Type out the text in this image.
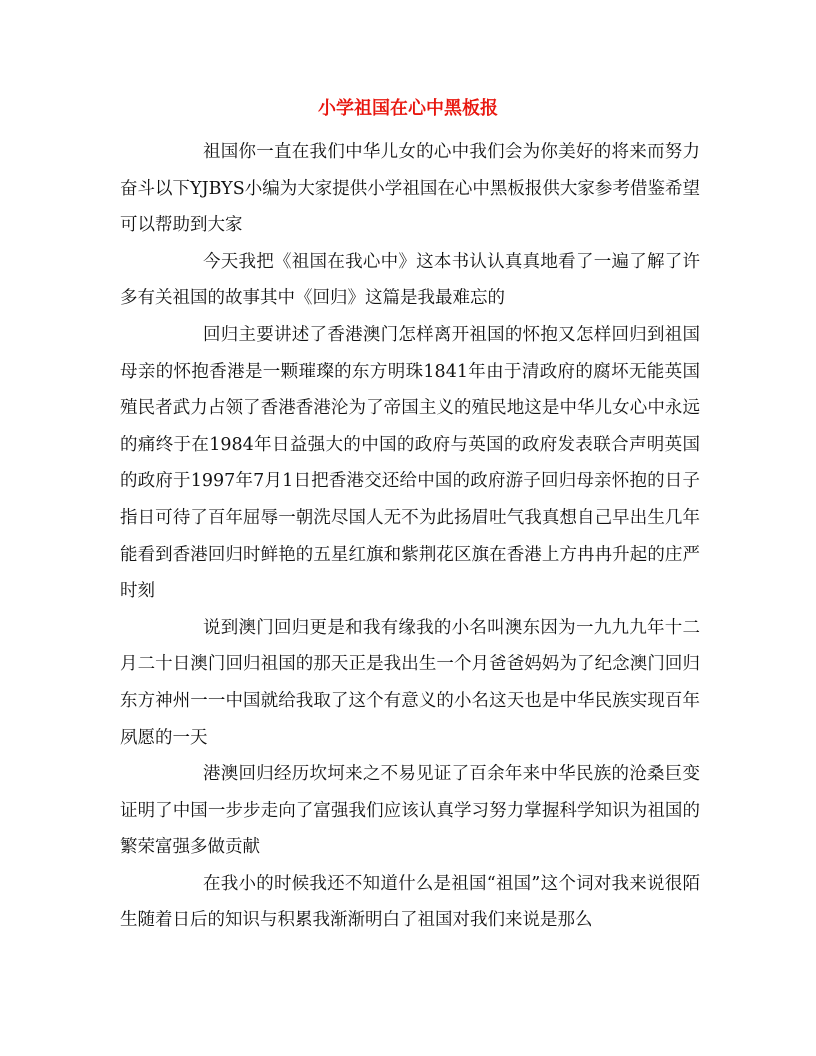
小学祖国在心中黑板报

祖国你一直在我们中华儿女的心中我们会为你美好的将来而努力奋斗以下YJBYS小编为大家提供小学祖国在心中黑板报供大家参考借鉴希望可以帮助到大家

今天我把《祖国在我心中》这本书认认真真地看了一遍了解了许多有关祖国的故事其中《回归》这篇是我最难忘的

回归主要讲述了香港澳门怎样离开祖国的怀抱又怎样回归到祖国母亲的怀抱香港是一颗璀璨的东方明珠1841年由于清政府的腐坏无能英国殖民者武力占领了香港香港沦为了帝国主义的殖民地这是中华儿女心中永远的痛终于在1984年日益强大的中国的政府与英国的政府发表联合声明英国的政府于1997年7月1日把香港交还给中国的政府游子回归母亲怀抱的日子指日可待了百年屈辱一朝洗尽国人无不为此扬眉吐气我真想自己早出生几年能看到香港回归时鲜艳的五星红旗和紫荆花区旗在香港上方冉冉升起的庄严时刻

说到澳门回归更是和我有缘我的小名叫澳东因为一九九九年十二月二十日澳门回归祖国的那天正是我出生一个月爸爸妈妈为了纪念澳门回归东方神州一一中国就给我取了这个有意义的小名这天也是中华民族实现百年夙愿的一天

港澳回归经历坎坷来之不易见证了百余年来中华民族的沧桑巨变证明了中国一步步走向了富强我们应该认真学习努力掌握科学知识为祖国的繁荣富强多做贡献

在我小的时候我还不知道什么是祖国“祖国”这个词对我来说很陌生随着日后的知识与积累我渐渐明白了祖国对我们来说是那么
